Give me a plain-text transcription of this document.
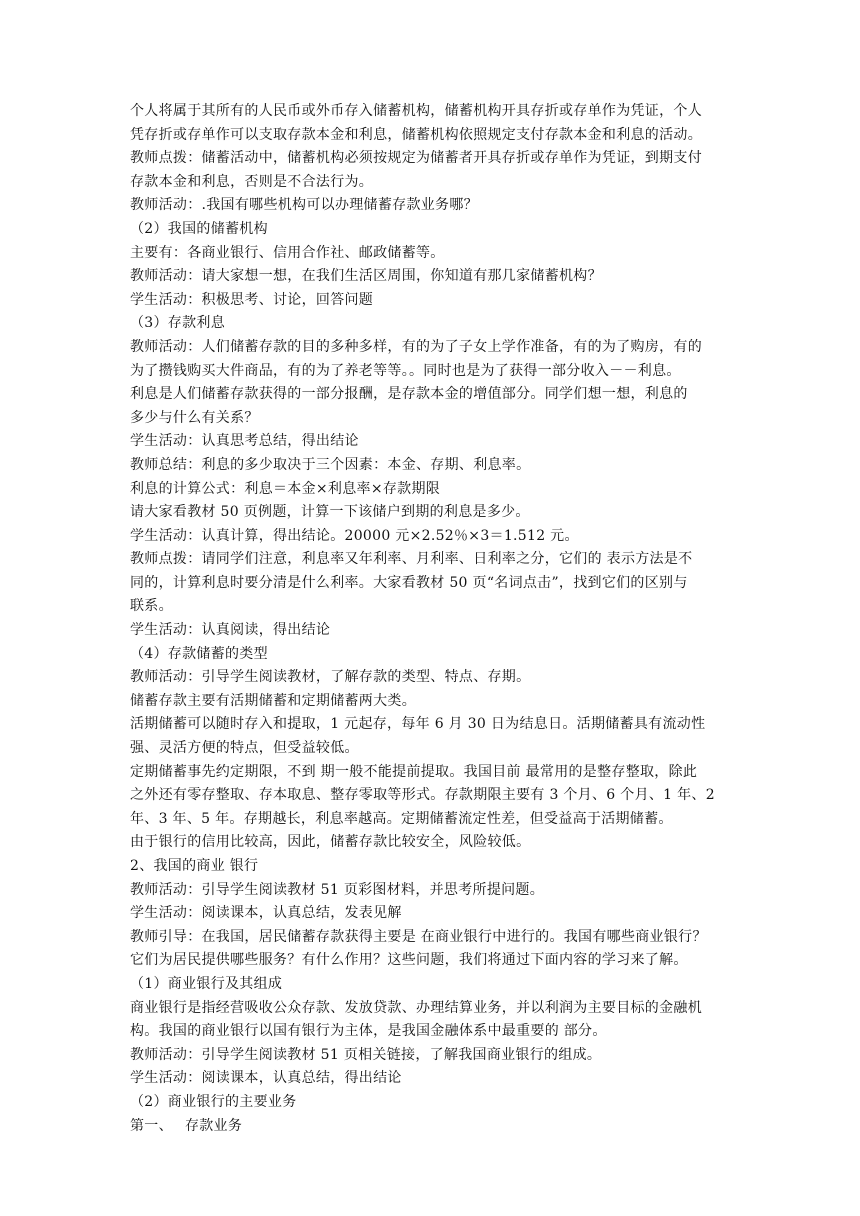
个人将属于其所有的人民币或外币存入储蓄机构，储蓄机构开具存折或存单作为凭证，个人
凭存折或存单作可以支取存款本金和利息，储蓄机构依照规定支付存款本金和利息的活动。
教师点拨：储蓄活动中，储蓄机构必须按规定为储蓄者开具存折或存单作为凭证，到期支付
存款本金和利息，否则是不合法行为。
教师活动：.我国有哪些机构可以办理储蓄存款业务哪？
（2）我国的储蓄机构
主要有：各商业银行、信用合作社、邮政储蓄等。
教师活动：请大家想一想，在我们生活区周围，你知道有那几家储蓄机构？
学生活动：积极思考、讨论，回答问题
（3）存款利息
教师活动：人们储蓄存款的目的多种多样，有的为了子女上学作准备，有的为了购房，有的
为了攒钱购买大件商品，有的为了养老等等。。同时也是为了获得一部分收入－－利息。
利息是人们储蓄存款获得的一部分报酬，是存款本金的增值部分。同学们想一想，利息的
多少与什么有关系？
学生活动：认真思考总结，得出结论
教师总结：利息的多少取决于三个因素：本金、存期、利息率。
利息的计算公式：利息＝本金×利息率×存款期限
请大家看教材 50 页例题，计算一下该储户到期的利息是多少。
学生活动：认真计算，得出结论。20000 元×2.52％×3＝1.512 元。
教师点拨：请同学们注意，利息率又年利率、月利率、日利率之分，它们的 表示方法是不
同的，计算利息时要分清是什么利率。大家看教材 50 页“名词点击”，找到它们的区别与
联系。
学生活动：认真阅读，得出结论
（4）存款储蓄的类型
教师活动：引导学生阅读教材，了解存款的类型、特点、存期。
储蓄存款主要有活期储蓄和定期储蓄两大类。
活期储蓄可以随时存入和提取，1 元起存，每年 6 月 30 日为结息日。活期储蓄具有流动性
强、灵活方便的特点，但受益较低。
定期储蓄事先约定期限，不到 期一般不能提前提取。我国目前 最常用的是整存整取，除此
之外还有零存整取、存本取息、整存零取等形式。存款期限主要有 3 个月、6 个月、1 年、2
年、3 年、5 年。存期越长，利息率越高。定期储蓄流定性差，但受益高于活期储蓄。
由于银行的信用比较高，因此，储蓄存款比较安全，风险较低。
2、我国的商业 银行
教师活动：引导学生阅读教材 51 页彩图材料，并思考所提问题。
学生活动：阅读课本，认真总结，发表见解
教师引导：在我国，居民储蓄存款获得主要是 在商业银行中进行的。我国有哪些商业银行？
它们为居民提供哪些服务？有什么作用？这些问题，我们将通过下面内容的学习来了解。
（1）商业银行及其组成
商业银行是指经营吸收公众存款、发放贷款、办理结算业务，并以利润为主要目标的金融机
构。我国的商业银行以国有银行为主体，是我国金融体系中最重要的 部分。
教师活动：引导学生阅读教材 51 页相关链接，了解我国商业银行的组成。
学生活动：阅读课本，认真总结，得出结论
（2）商业银行的主要业务
第一、　 存款业务
